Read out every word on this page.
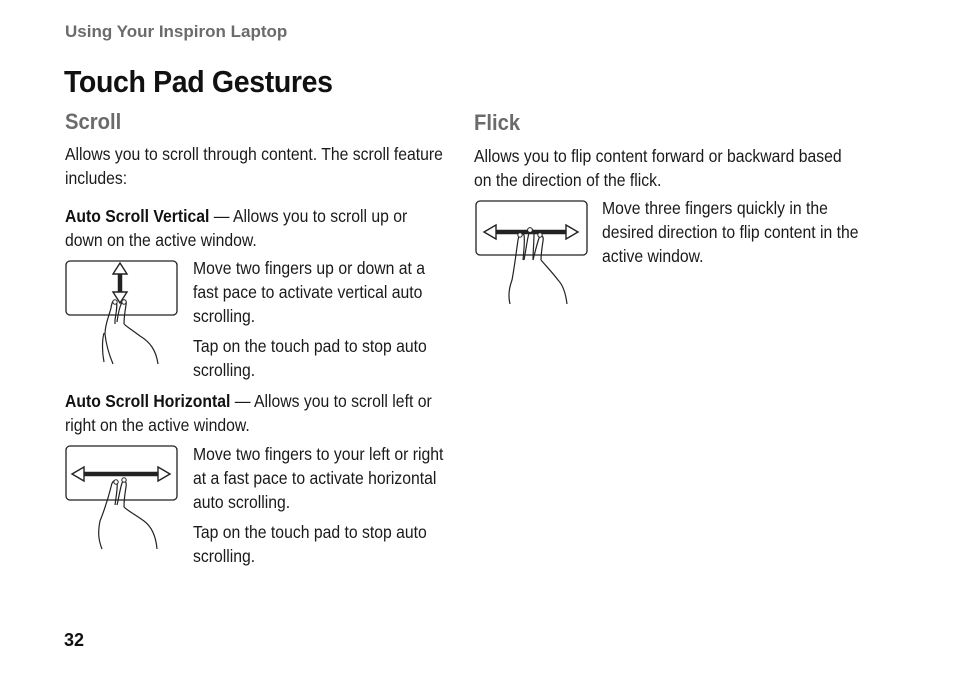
Using Your Inspiron Laptop
Touch Pad Gestures
Scroll
Allows you to scroll through content. The scroll feature includes:
Auto Scroll Vertical — Allows you to scroll up or down on the active window.
Move two fingers up or down at a fast pace to activate vertical auto scrolling.
Tap on the touch pad to stop auto scrolling.
Auto Scroll Horizontal — Allows you to scroll left or right on the active window.
Move two fingers to your left or right at a fast pace to activate horizontal auto scrolling.
Tap on the touch pad to stop auto scrolling.
Flick
Allows you to flip content forward or backward based on the direction of the flick.
Move three fingers quickly in the desired direction to flip content in the active window.
32
